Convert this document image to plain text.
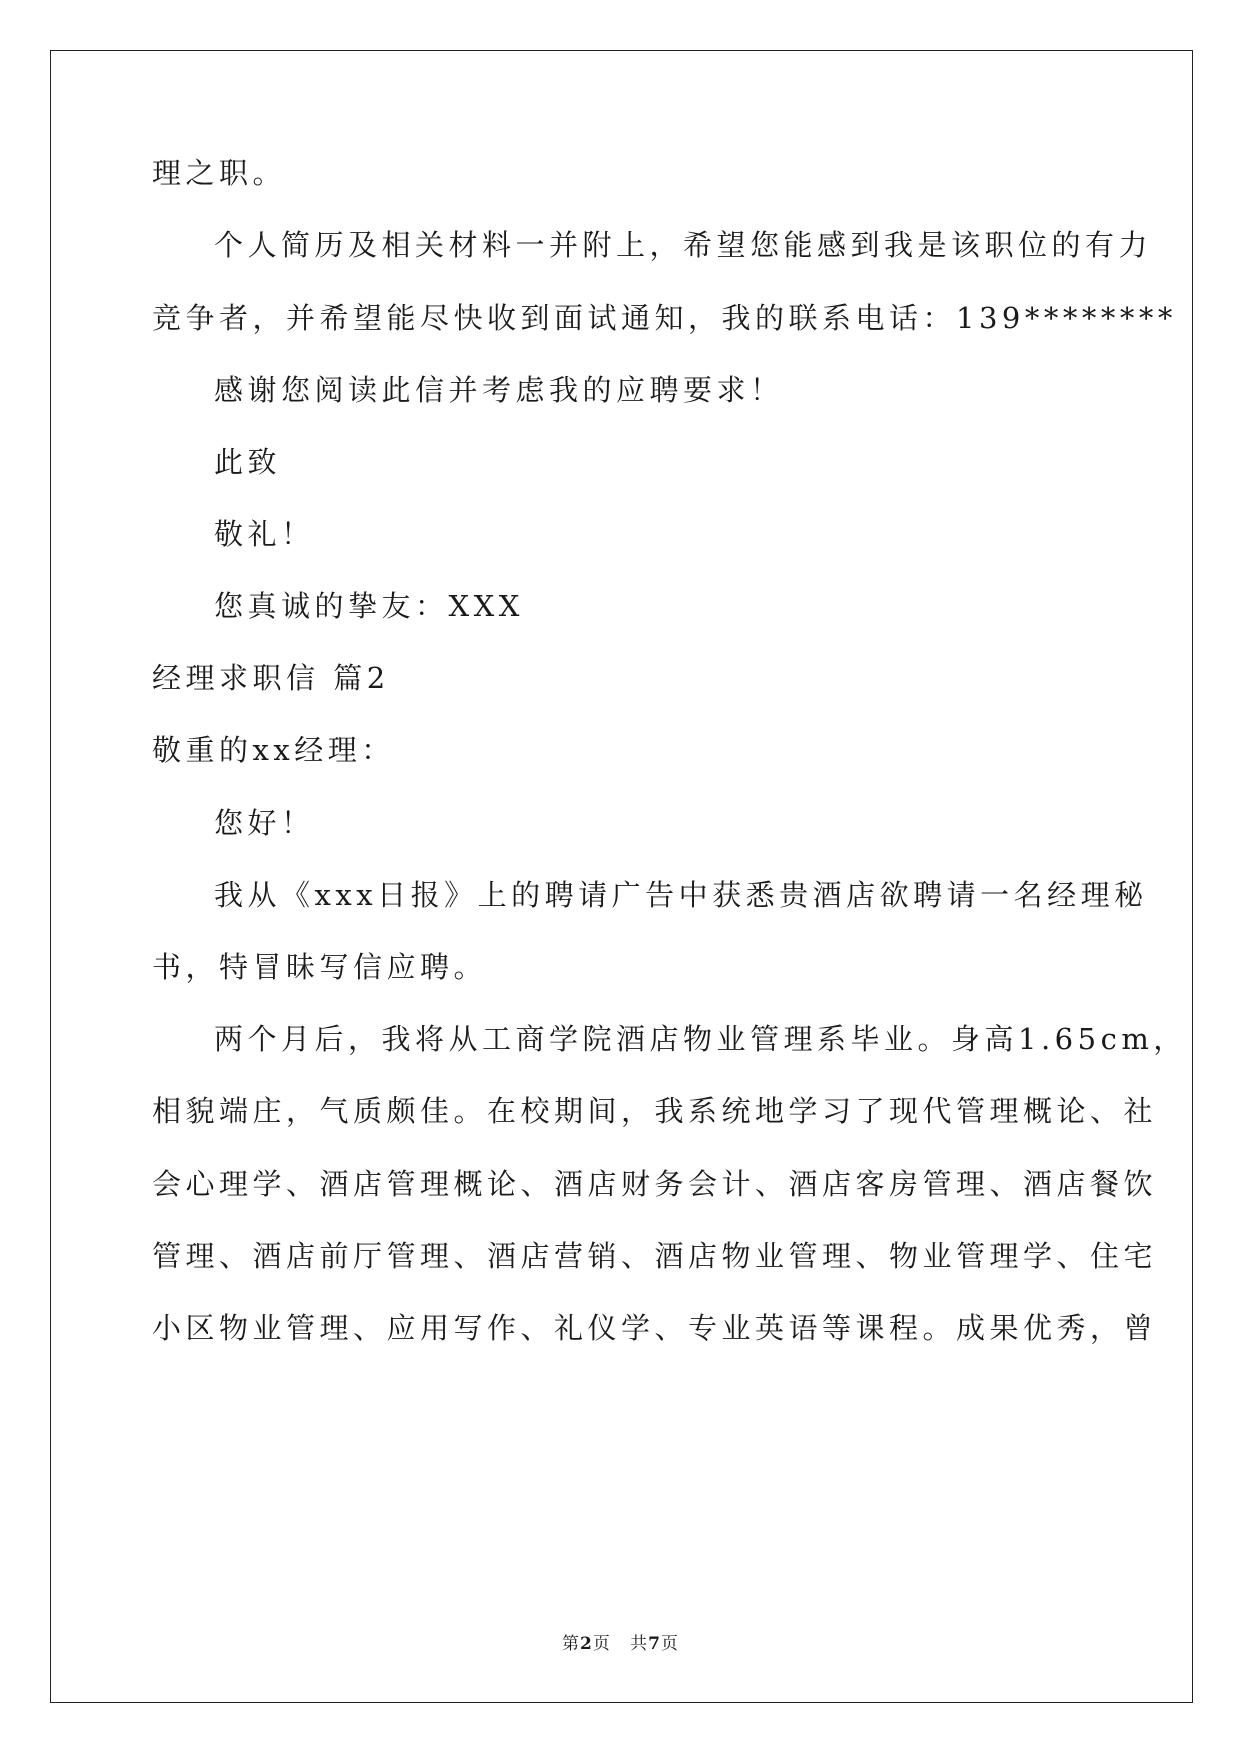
理之职。
个人简历及相关材料一并附上，希望您能感到我是该职位的有力
竞争者，并希望能尽快收到面试通知，我的联系电话：139********
感谢您阅读此信并考虑我的应聘要求！
此致
敬礼！
您真诚的挚友：XXX
经理求职信 篇2
敬重的xx经理：
您好！
我从《xxx日报》上的聘请广告中获悉贵酒店欲聘请一名经理秘
书，特冒昧写信应聘。
两个月后，我将从工商学院酒店物业管理系毕业。身高1.65cm，
相貌端庄，气质颇佳。在校期间，我系统地学习了现代管理概论、社
会心理学、酒店管理概论、酒店财务会计、酒店客房管理、酒店餐饮
管理、酒店前厅管理、酒店营销、酒店物业管理、物业管理学、住宅
小区物业管理、应用写作、礼仪学、专业英语等课程。成果优秀，曾
第2页   共7页
